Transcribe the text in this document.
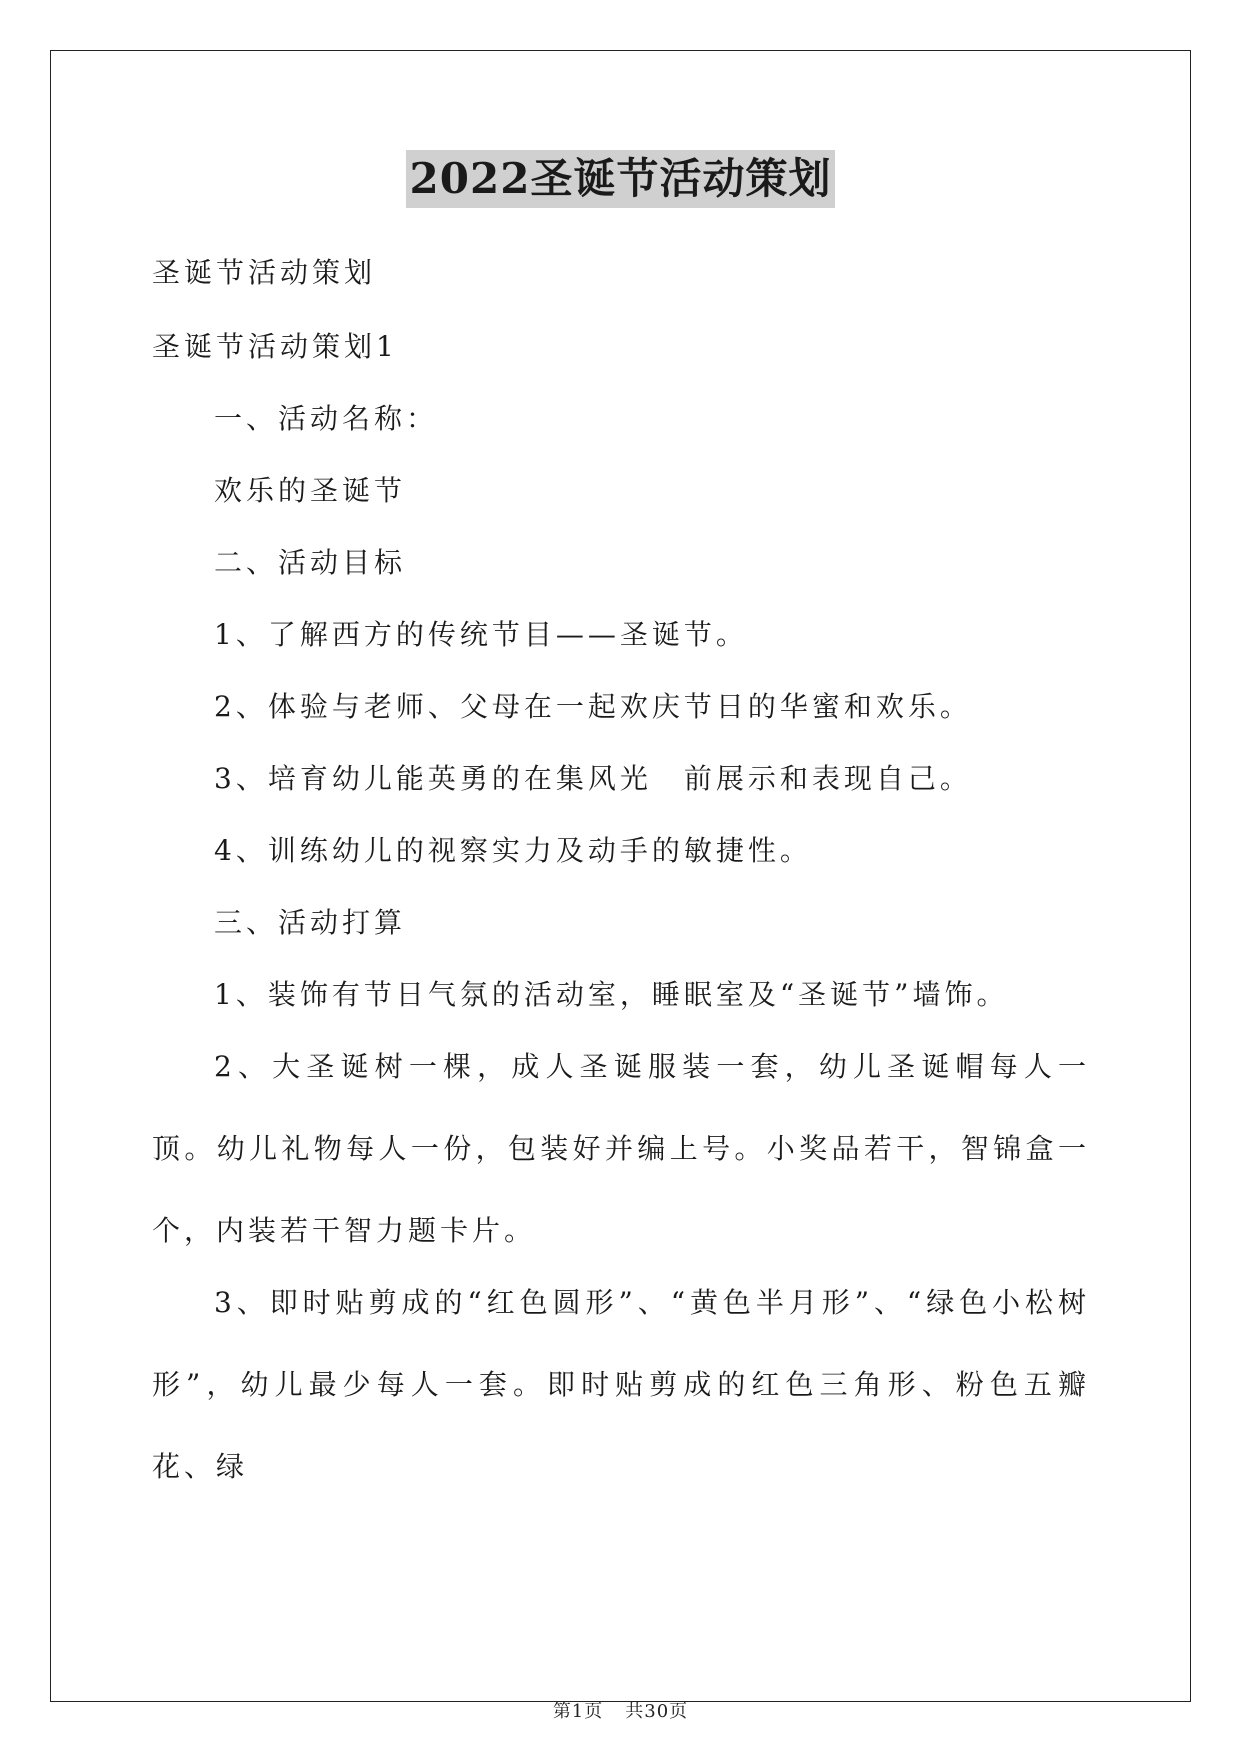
2022圣诞节活动策划

圣诞节活动策划

圣诞节活动策划1

一、活动名称：

欢乐的圣诞节

二、活动目标

1、了解西方的传统节目——圣诞节。

2、体验与老师、父母在一起欢庆节日的华蜜和欢乐。

3、培育幼儿能英勇的在集风光　前展示和表现自己。

4、训练幼儿的视察实力及动手的敏捷性。

三、活动打算

1、装饰有节日气氛的活动室，睡眠室及“圣诞节”墙饰。

2、大圣诞树一棵，成人圣诞服装一套，幼儿圣诞帽每人一顶。幼儿礼物每人一份，包装好并编上号。小奖品若干，智锦盒一个，内装若干智力题卡片。

3、即时贴剪成的“红色圆形”、“黄色半月形”、“绿色小松树形”，幼儿最少每人一套。即时贴剪成的红色三角形、粉色五瓣花、绿

第1页 共30页
